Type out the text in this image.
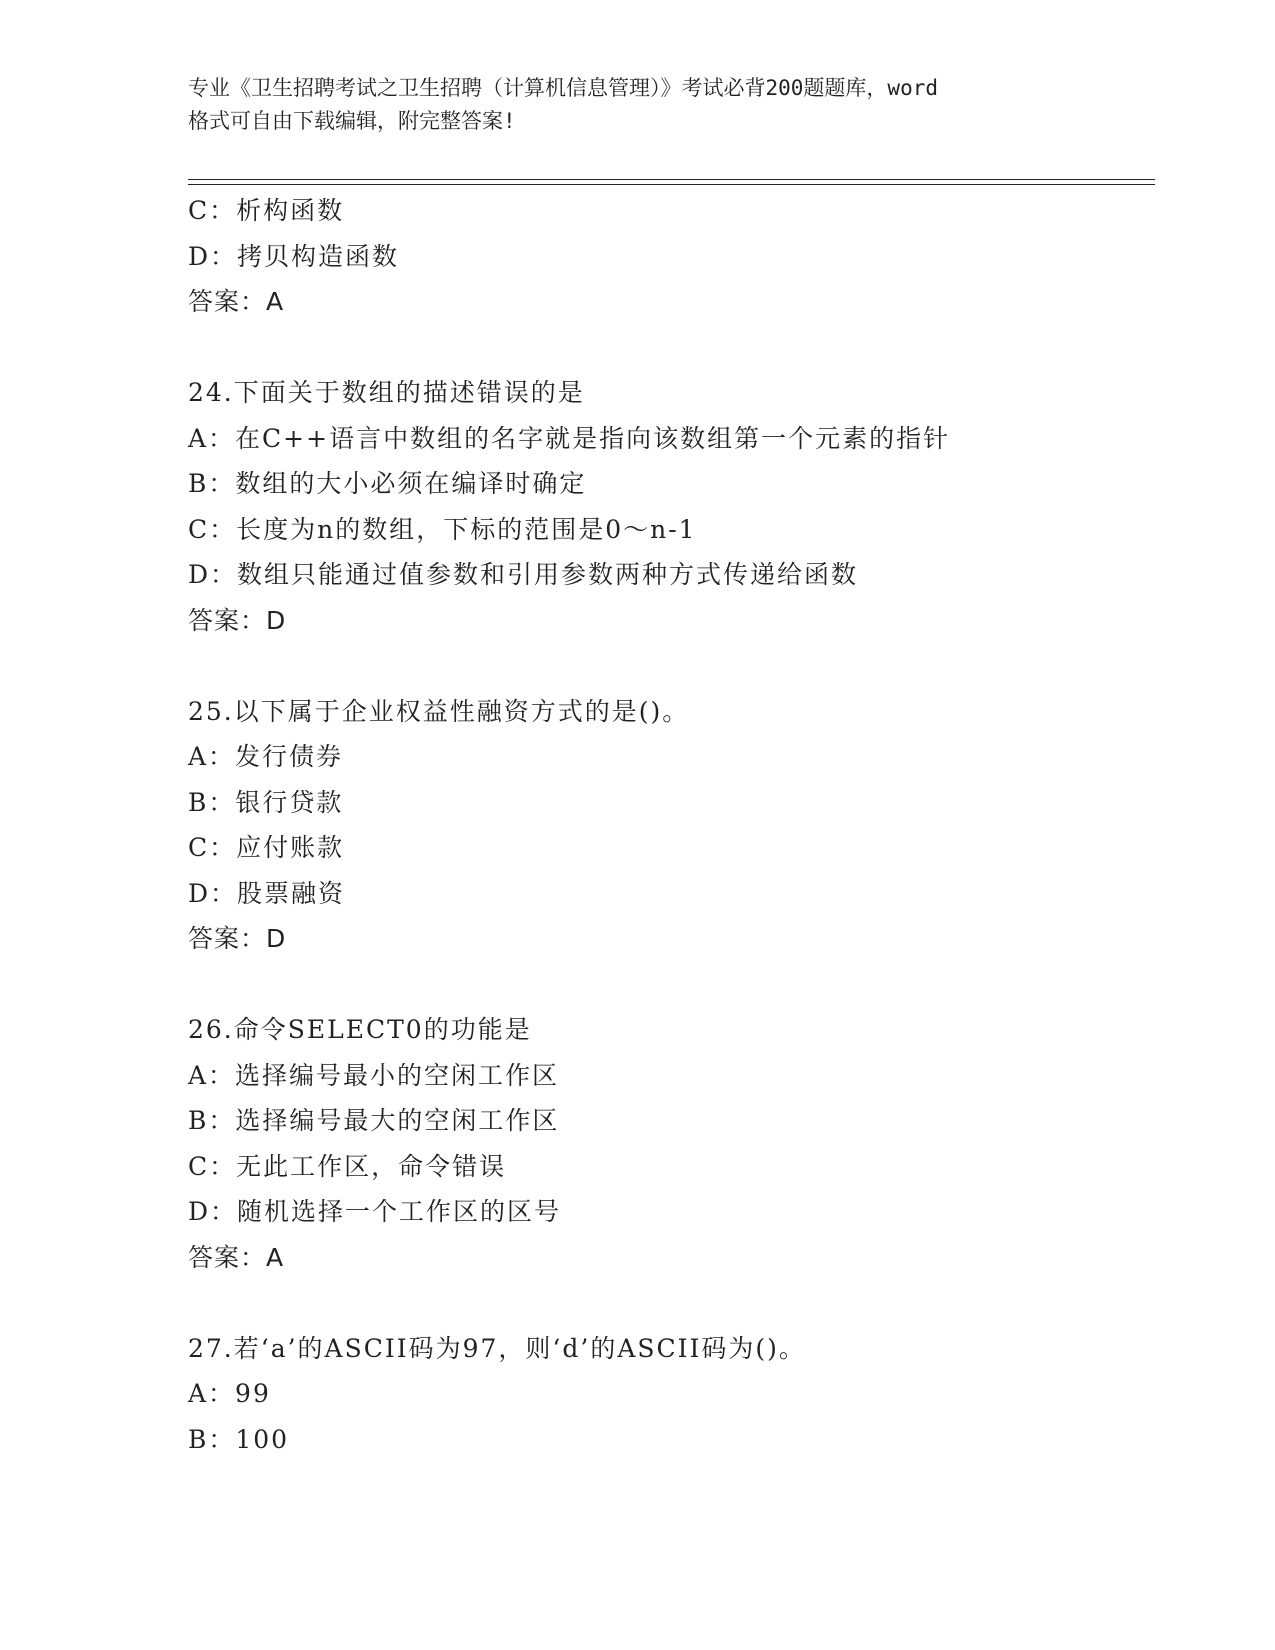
专业《卫生招聘考试之卫生招聘（计算机信息管理）》考试必背200题题库，word
格式可自由下载编辑，附完整答案!
C：析构函数
D：拷贝构造函数
答案：A
24.下面关于数组的描述错误的是
A：在C++语言中数组的名字就是指向该数组第一个元素的指针
B：数组的大小必须在编译时确定
C：长度为n的数组，下标的范围是0～n-1
D：数组只能通过值参数和引用参数两种方式传递给函数
答案：D
25.以下属于企业权益性融资方式的是()。
A：发行债券
B：银行贷款
C：应付账款
D：股票融资
答案：D
26.命令SELECT0的功能是
A：选择编号最小的空闲工作区
B：选择编号最大的空闲工作区
C：无此工作区，命令错误
D：随机选择一个工作区的区号
答案：A
27.若‘a’的ASCII码为97，则‘d’的ASCII码为()。
A：99
B：100
